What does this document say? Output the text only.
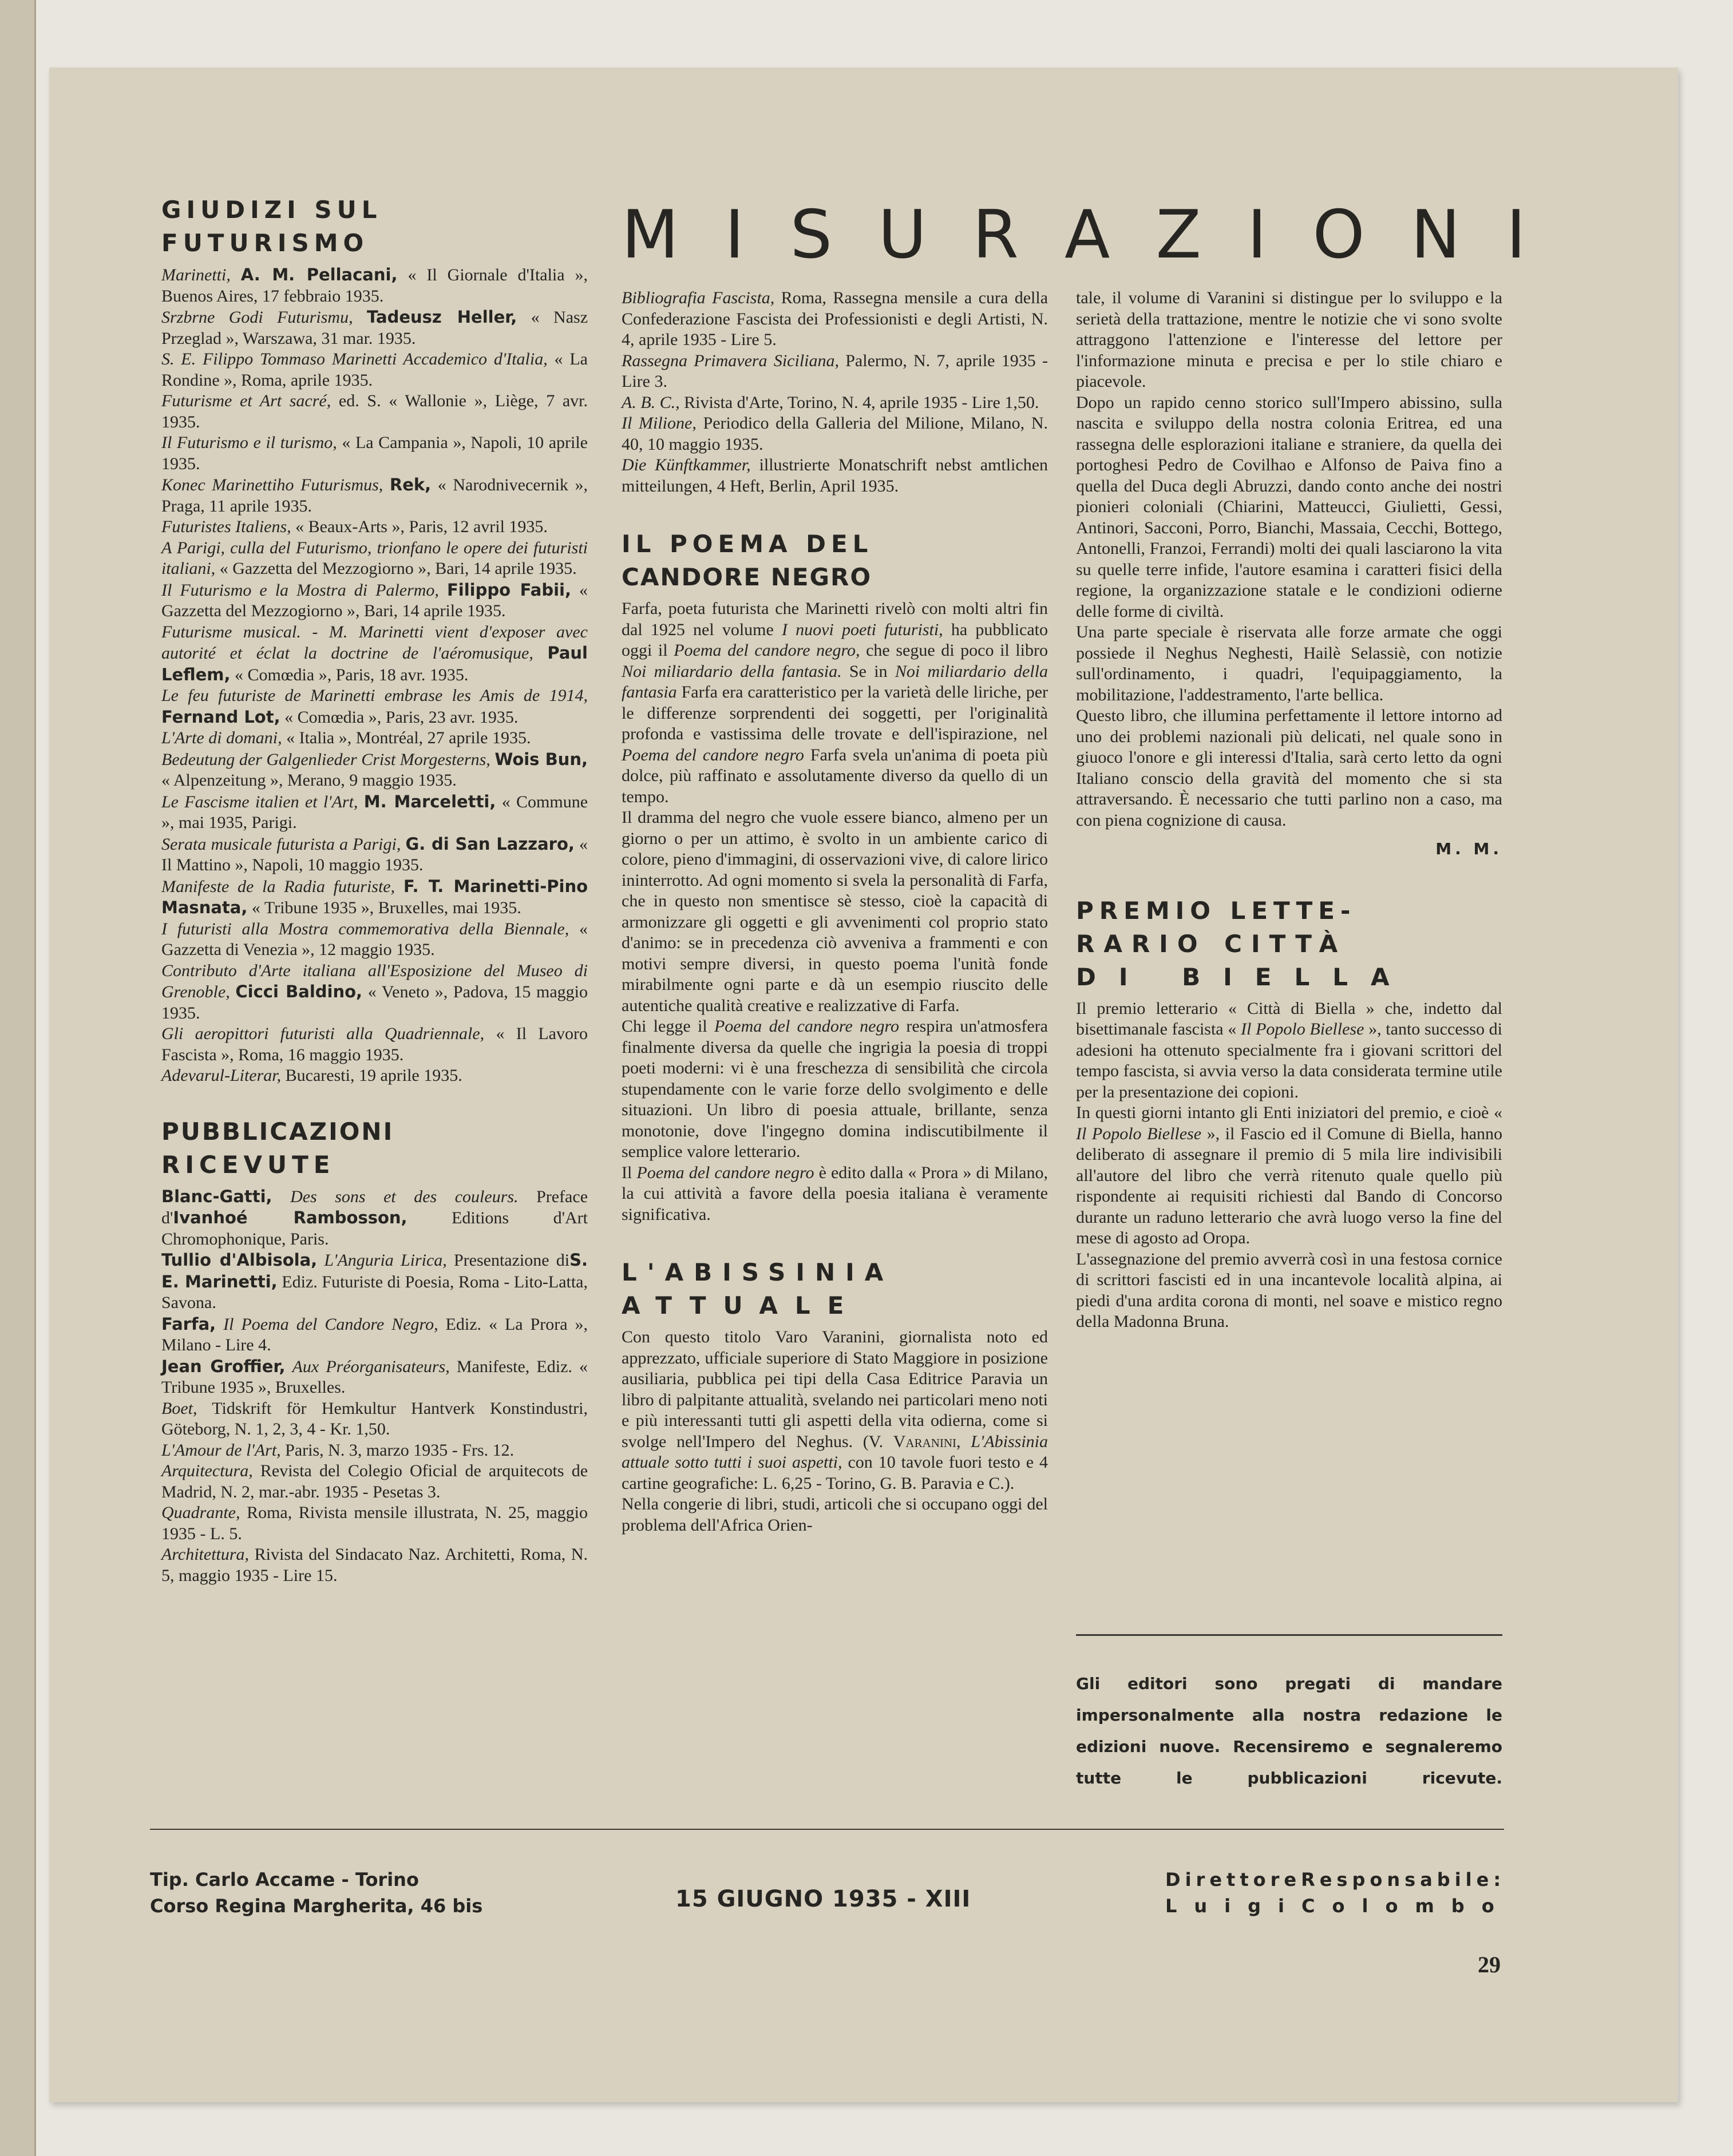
M I S U R A Z I O N I
GIUDIZI SUL
FUTURISMO

Marinetti, A. M. Pellacani, « Il Giornale d'Italia », Buenos Aires, 17 febbraio 1935.

Srzbrne Godi Futurismu, Tadeusz Heller, « Nasz Przeglad », Warszawa, 31 mar. 1935.

S. E. Filippo Tommaso Marinetti Accademico d'Italia, « La Rondine », Roma, aprile 1935.

Futurisme et Art sacré, ed. S. « Wallonie », Liège, 7 avr. 1935.

Il Futurismo e il turismo, « La Campania », Napoli, 10 aprile 1935.

Konec Marinettiho Futurismus, Rek, « Narodnivecernik », Praga, 11 aprile 1935.

Futuristes Italiens, « Beaux-Arts », Paris, 12 avril 1935.

A Parigi, culla del Futurismo, trionfano le opere dei futuristi italiani, « Gazzetta del Mezzogiorno », Bari, 14 aprile 1935.

Il Futurismo e la Mostra di Palermo, Filippo Fabii, « Gazzetta del Mezzogiorno », Bari, 14 aprile 1935.

Futurisme musical. - M. Marinetti vient d'exposer avec autorité et éclat la doctrine de l'aéromusique, Paul Leflem, « Comœdia », Paris, 18 avr. 1935.

Le feu futuriste de Marinetti embrase les Amis de 1914, Fernand Lot, « Comœdia », Paris, 23 avr. 1935.

L'Arte di domani, « Italia », Montréal, 27 aprile 1935.

Bedeutung der Galgenlieder Crist Morgesterns, Wois Bun, « Alpenzeitung », Merano, 9 maggio 1935.

Le Fascisme italien et l'Art, M. Marceletti, « Commune », mai 1935, Parigi.

Serata musicale futurista a Parigi, G. di San Lazzaro, « Il Mattino », Napoli, 10 maggio 1935.

Manifeste de la Radia futuriste, F. T. Marinetti-Pino Masnata, « Tribune 1935 », Bruxelles, mai 1935.

I futuristi alla Mostra commemorativa della Biennale, « Gazzetta di Venezia », 12 maggio 1935.

Contributo d'Arte italiana all'Esposizione del Museo di Grenoble, Cicci Baldino, « Veneto », Padova, 15 maggio 1935.

Gli aeropittori futuristi alla Quadriennale, « Il Lavoro Fascista », Roma, 16 maggio 1935.

Adevarul-Literar, Bucaresti, 19 aprile 1935.

PUBBLICAZIONI
RICEVUTE

Blanc-Gatti, Des sons et des couleurs. Preface d'Ivanhoé Rambosson,	Editions d'Art Chromophonique, Paris.

Tullio d'Albisola, L'Anguria Lirica, Presentazione diS. E. Marinetti, Ediz. Futuriste di Poesia, Roma - Lito-Latta, Savona.

Farfa, Il Poema del Candore Negro, Ediz. « La Prora », Milano - Lire 4.

Jean Groffier, Aux Préorganisateurs, Manifeste, Ediz. « Tribune 1935 », Bruxelles.

Boet, Tidskrift för Hemkultur Hantverk Konstindustri, Göteborg, N. 1, 2, 3, 4 - Kr. 1,50.

L'Amour de l'Art, Paris, N. 3, marzo 1935 - Frs. 12.

Arquitectura, Revista del Colegio Oficial de arquitecots de Madrid, N. 2, mar.-abr. 1935 - Pesetas 3.

Quadrante, Roma, Rivista mensile illustrata, N. 25, maggio 1935 - L. 5.

Architettura, Rivista del Sindacato Naz. Architetti, Roma, N. 5, maggio 1935 - Lire 15.

Bibliografia Fascista, Roma, Rassegna mensile a cura della Confederazione Fascista dei Professionisti e degli Artisti, N. 4, aprile 1935 - Lire 5.

Rassegna Primavera Siciliana, Palermo, N. 7, aprile 1935 - Lire 3.

A. B. C., Rivista d'Arte, Torino, N. 4, aprile 1935 - Lire 1,50.

Il Milione, Periodico della Galleria del Milione, Milano, N. 40, 10 maggio 1935.

Die Künftkammer, illustrierte Monatschrift nebst amtlichen mitteilungen, 4 Heft, Berlin, April 1935.

IL POEMA DEL
CANDORE NEGRO

Farfa, poeta futurista che Marinetti rivelò con molti altri fin dal 1925 nel volume I nuovi poeti futuristi, ha pubblicato oggi il Poema del candore negro, che segue di poco il libro Noi miliardario della fantasia. Se in Noi miliardario della fantasia Farfa era caratteristico per la varietà delle liriche, per le differenze sorprendenti dei soggetti, per l'originalità profonda e vastissima delle trovate e dell'ispirazione, nel Poema del candore negro Farfa svela un'anima di poeta più dolce, più raffinato e assolutamente diverso da quello di un tempo.

Il dramma del negro che vuole essere bianco, almeno per un giorno o per un attimo, è svolto in un ambiente carico di colore, pieno d'immagini, di osservazioni vive, di calore lirico ininterrotto. Ad ogni momento si svela la personalità di Farfa, che in questo non smentisce sè stesso, cioè la capacità di armonizzare gli oggetti e gli avvenimenti col proprio stato d'animo: se in precedenza ciò avveniva a frammenti e con motivi sempre diversi, in questo poema l'unità fonde mirabilmente ogni parte e dà un esempio riuscito delle autentiche qualità creative e realizzative di Farfa.

Chi legge il Poema del candore negro respira un'atmosfera finalmente diversa da quelle che ingrigia la poesia di troppi poeti moderni: vi è una freschezza di sensibilità che circola stupendamente con le varie forze dello svolgimento e delle situazioni. Un libro di poesia attuale, brillante, senza monotonie, dove l'ingegno domina indiscutibilmente il semplice valore letterario.

Il Poema del candore negro è edito dalla « Prora » di Milano, la cui attività a favore della poesia italiana è veramente significativa.

L'ABISSINIA
ATTUALE

Con questo titolo Varo Varanini, giornalista noto ed apprezzato, ufficiale superiore di Stato Maggiore in posizione ausiliaria, pubblica pei tipi della Casa Editrice Paravia un libro di palpitante attualità, svelando nei particolari meno noti e più interessanti tutti gli aspetti della vita odierna, come si svolge nell'Impero del Neghus. (V. Varanini, L'Abissinia attuale sotto tutti i suoi aspetti, con 10 tavole fuori testo e 4 cartine geografiche: L. 6,25 - Torino, G. B. Paravia e C.).

Nella congerie di libri, studi, articoli che si occupano oggi del problema dell'Africa Orien-

tale, il volume di Varanini si distingue per lo sviluppo e la serietà della trattazione, mentre le notizie che vi sono svolte attraggono l'attenzione e l'interesse del lettore per l'informazione minuta e precisa e per lo stile chiaro e piacevole.

Dopo un rapido cenno storico sull'Impero abissino, sulla nascita e sviluppo della nostra colonia Eritrea, ed una rassegna delle esplorazioni italiane e straniere, da quella dei portoghesi Pedro de Covilhao e Alfonso de Paiva fino a quella del Duca degli Abruzzi, dando conto anche dei nostri pionieri coloniali (Chiarini, Matteucci, Giulietti, Gessi, Antinori, Sacconi, Porro, Bianchi, Massaia, Cecchi, Bottego, Antonelli, Franzoi, Ferrandi) molti dei quali lasciarono la vita su quelle terre infide, l'autore esamina i caratteri fisici della regione, la organizzazione statale e le condizioni odierne delle forme di civiltà.

Una parte speciale è riservata alle forze armate che oggi possiede il Neghus Neghesti, Hailè Selassiè, con notizie sull'ordinamento, i quadri, l'equipaggiamento, la mobilitazione, l'addestramento, l'arte bellica.

Questo libro, che illumina perfettamente il lettore intorno ad uno dei problemi nazionali più delicati, nel quale sono in giuoco l'onore e gli interessi d'Italia, sarà certo letto da ogni Italiano conscio della gravità del momento che si sta attraversando. È necessario che tutti parlino non a caso, ma con piena cognizione di causa.

M. M.

PREMIO LETTE-
RARIO CITTÀ
DI BIELLA

Il premio letterario « Città di Biella » che, indetto dal bisettimanale fascista « Il Popolo Biellese », tanto successo di adesioni ha ottenuto specialmente fra i giovani scrittori del tempo fascista, si avvia verso la data considerata termine utile per la presentazione dei copioni.

In questi giorni intanto gli Enti iniziatori del premio, e cioè « Il Popolo Biellese », il Fascio ed il Comune di Biella, hanno deliberato di assegnare il premio di 5 mila lire indivisibili all'autore del libro che verrà ritenuto quale quello più rispondente ai requisiti richiesti dal Bando di Concorso durante un raduno letterario che avrà luogo verso la fine del mese di agosto ad Oropa.

L'assegnazione del premio avverrà così in una festosa cornice di scrittori fascisti ed in una incantevole località alpina, ai piedi d'una ardita corona di monti, nel soave e mistico regno della Madonna Bruna.

Gli editori sono pregati di mandare impersonalmente alla nostra redazione le edizioni nuove. Recensiremo e segnaleremo tutte le pubblicazioni ricevute.
Tip. Carlo Accame - Torino
Corso Regina Margherita, 46 bis	15 GIUGNO 1935 - XIII
Direttore Responsabile:
Luigi Colombo
29
